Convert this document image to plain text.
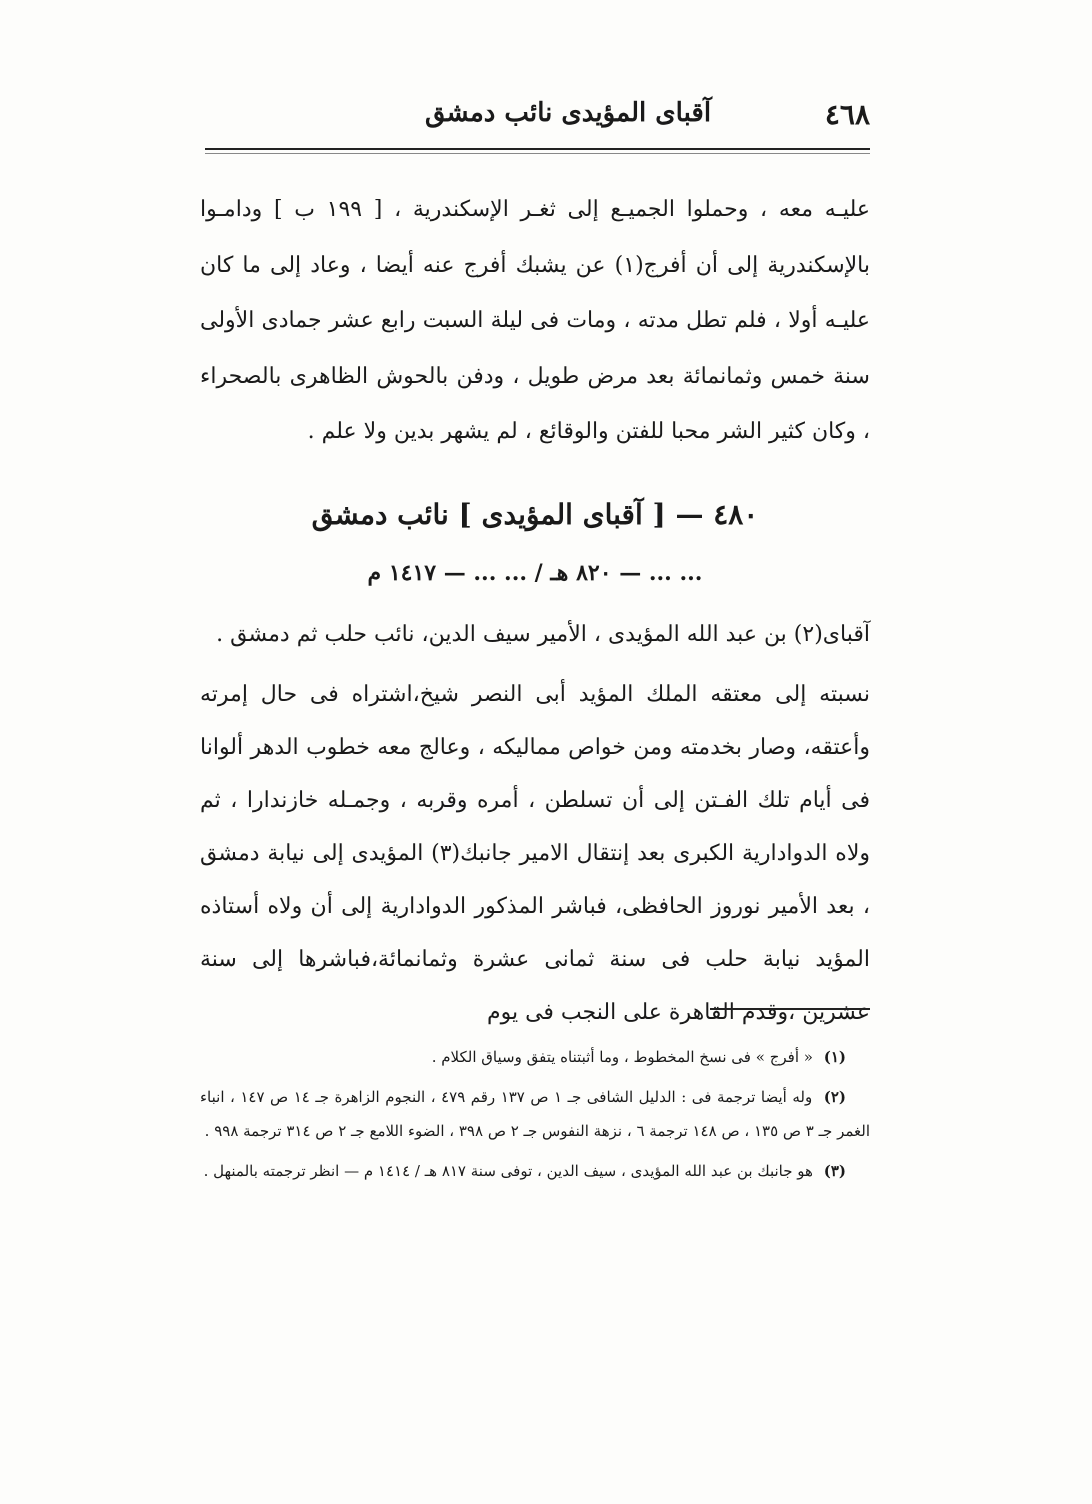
٤٦٨
آقباى المؤيدى نائب دمشق
عليـه معه ، وحملوا الجميـع إلى ثغـر الإسكندرية ، [ ١٩٩ ب ] ودامـوا بالإسكندرية إلى أن أفرج(١) عن يشبك أفرج عنه أيضا ، وعاد إلى ما كان عليـه أولا ، فلم تطل مدته ، ومات فى ليلة السبت رابع عشر جمادى الأولى سنة خمس وثمانمائة بعد مرض طويل ، ودفن بالحوش الظاهرى بالصحراء ، وكان كثير الشر محبا للفتن والوقائع ، لم يشهر بدين ولا علم .
٤٨٠ — [ آقباى المؤيدى ] نائب دمشق
... ... — ٨٢٠ هـ / ... ... — ١٤١٧ م
آقباى(٢) بن عبد الله المؤيدى ، الأمير سيف الدين، نائب حلب ثم دمشق .
نسبته إلى معتقه الملك المؤيد أبى النصر شيخ،اشتراه فى حال إمرته وأعتقه، وصار بخدمته ومن خواص مماليكه ، وعالج معه خطوب الدهر ألوانا فى أيام تلك الفـتن إلى أن تسلطن ، أمره وقربه ، وجمـله خازندارا ، ثم ولاه الدوادارية الكبرى بعد إنتقال الامير جانبك(٣) المؤيدى إلى نيابة دمشق ، بعد الأمير نوروز الحافظى، فباشر المذكور الدوادارية إلى أن ولاه أستاذه المؤيد نيابة حلب فى سنة ثمانى عشرة وثمانمائة،فباشرها إلى سنة عشرين ،وقدم القاهرة على النجب فى يوم

(١) « أفرج » فى نسخ المخطوط ، وما أثبتناه يتفق وسياق الكلام .

(٢) وله أيضا ترجمة فى : الدليل الشافى جـ ١ ص ١٣٧ رقم ٤٧٩ ، النجوم الزاهرة جـ ١٤ ص ١٤٧ ، انباء الغمر جـ ٣ ص ١٣٥ ، ص ١٤٨ ترجمة ٦ ، نزهة النفوس جـ ٢ ص ٣٩٨ ، الضوء اللامع جـ ٢ ص ٣١٤ ترجمة ٩٩٨ .

(٣) هو جانبك بن عبد الله المؤيدى ، سيف الدين ، توفى سنة ٨١٧ هـ / ١٤١٤ م — انظر ترجمته بالمنهل .
